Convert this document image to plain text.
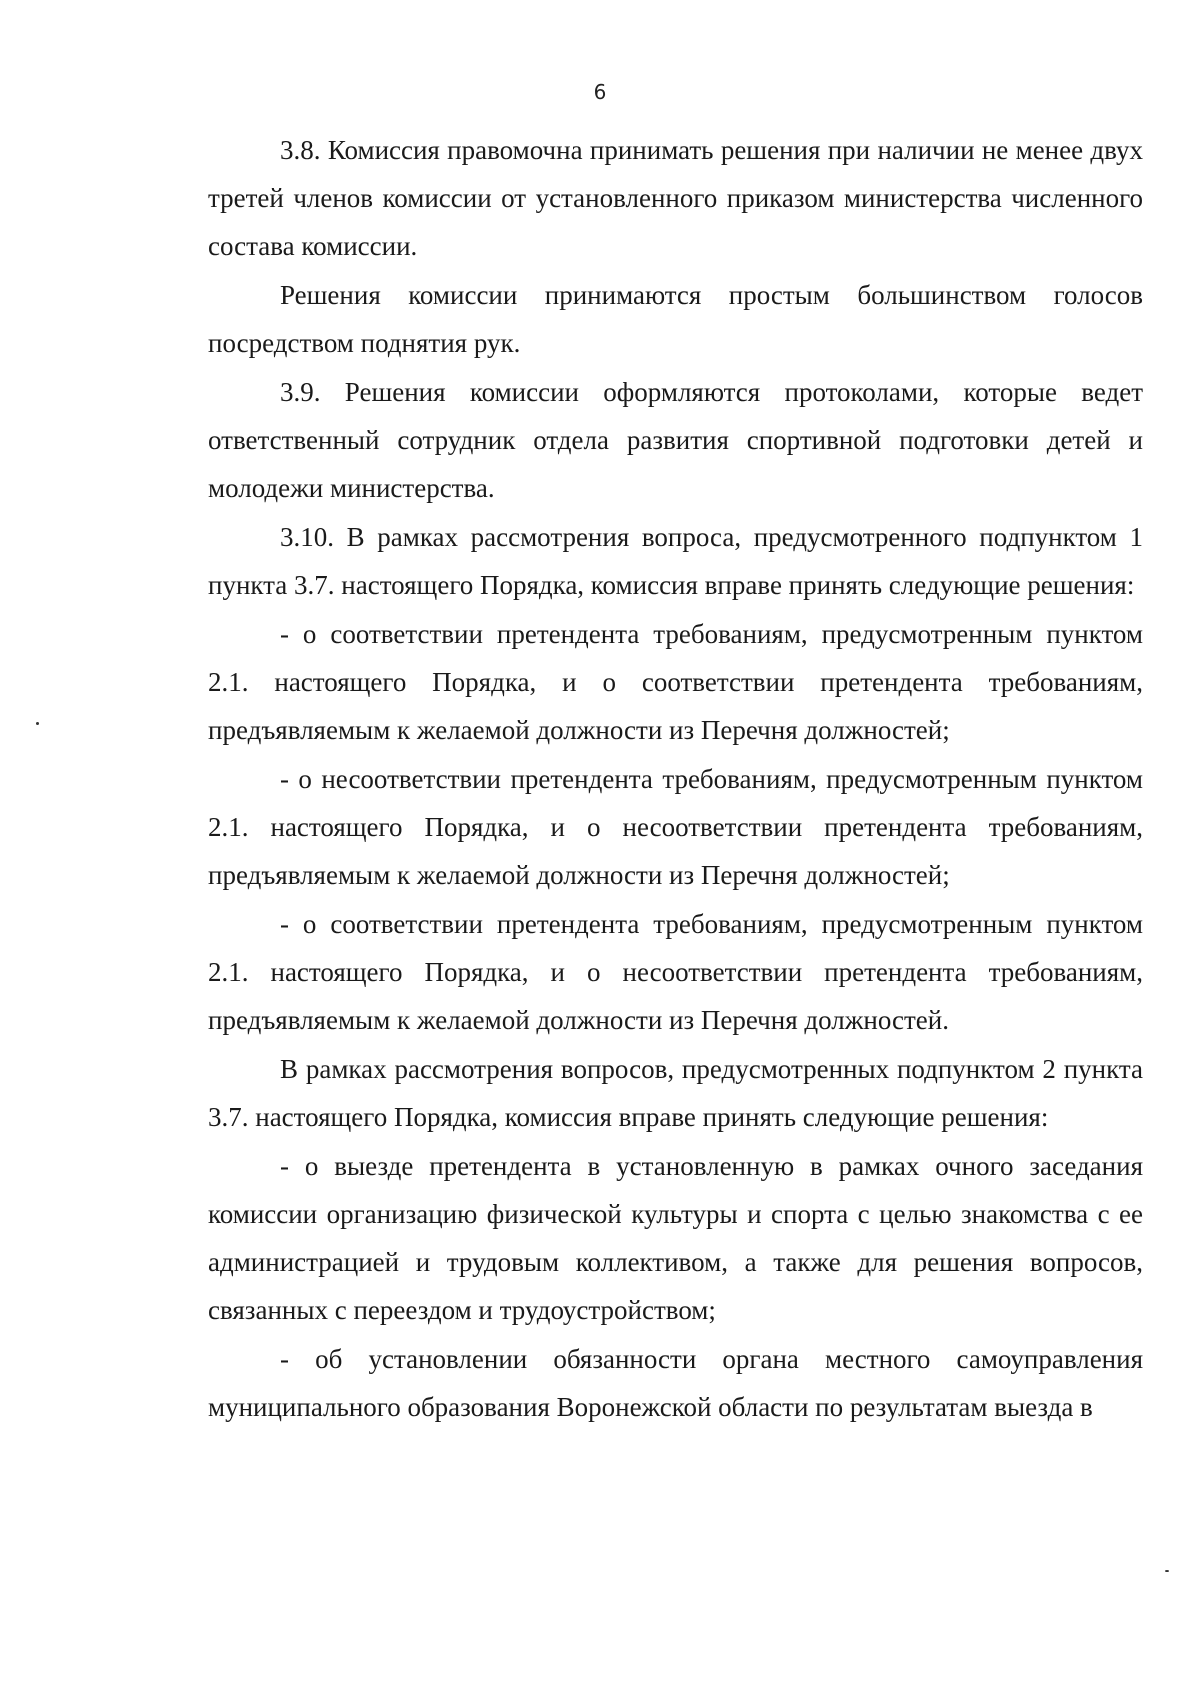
6

3.8. Комиссия правомочна принимать решения при наличии не менее двух третей членов комиссии от установленного приказом министерства численного состава комиссии.

Решения комиссии принимаются простым большинством голосов посредством поднятия рук.

3.9. Решения комиссии оформляются протоколами, которые ведет ответственный сотрудник отдела развития спортивной подготовки детей и молодежи министерства.

3.10. В рамках рассмотрения вопроса, предусмотренного подпунктом 1 пункта 3.7. настоящего Порядка, комиссия вправе принять следующие решения:

- о соответствии претендента требованиям, предусмотренным пунктом 2.1. настоящего Порядка, и о соответствии претендента требованиям, предъявляемым к желаемой должности из Перечня должностей;

- о несоответствии претендента требованиям, предусмотренным пунктом 2.1. настоящего Порядка, и о несоответствии претендента требованиям, предъявляемым к желаемой должности из Перечня должностей;

- о соответствии претендента требованиям, предусмотренным пунктом 2.1. настоящего Порядка, и о несоответствии претендента требованиям, предъявляемым к желаемой должности из Перечня должностей.

В рамках рассмотрения вопросов, предусмотренных подпунктом 2 пункта 3.7. настоящего Порядка, комиссия вправе принять следующие решения:

- о выезде претендента в установленную в рамках очного заседания комиссии организацию физической культуры и спорта с целью знакомства с ее администрацией и трудовым коллективом, а также для решения вопросов, связанных с переездом и трудоустройством;

- об установлении обязанности органа местного самоуправления муниципального образования Воронежской области по результатам выезда в
